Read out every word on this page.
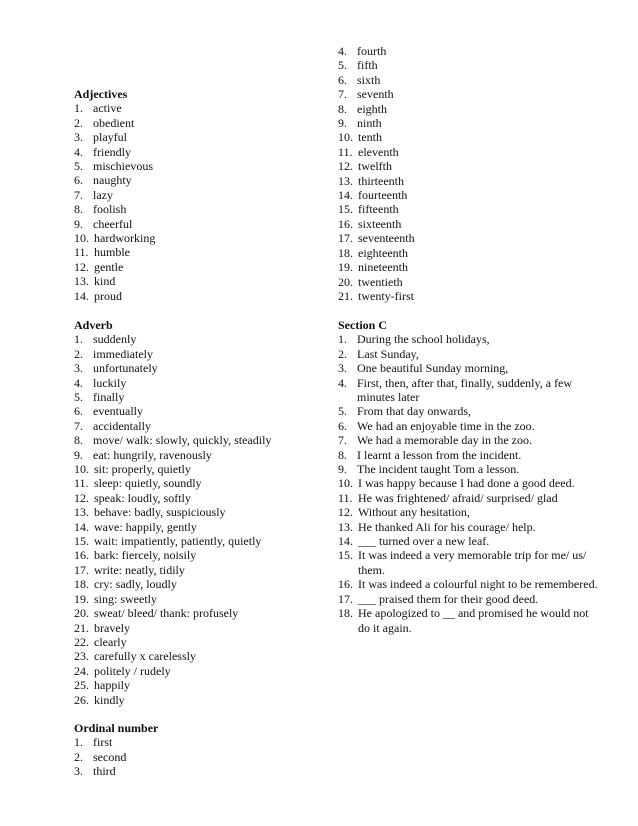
Adjectives
1. active
2. obedient
3. playful
4. friendly
5. mischievous
6. naughty
7. lazy
8. foolish
9. cheerful
10. hardworking
11. humble
12. gentle
13. kind
14. proud
Adverb
1. suddenly
2. immediately
3. unfortunately
4. luckily
5. finally
6. eventually
7. accidentally
8. move/ walk: slowly, quickly, steadily
9. eat: hungrily, ravenously
10. sit: properly, quietly
11. sleep: quietly, soundly
12. speak: loudly, softly
13. behave: badly, suspiciously
14. wave: happily, gently
15. wait: impatiently, patiently, quietly
16. bark: fiercely, noisily
17. write: neatly, tidily
18. cry: sadly, loudly
19. sing: sweetly
20. sweat/ bleed/ thank: profusely
21. bravely
22. clearly
23. carefully x carelessly
24. politely / rudely
25. happily
26. kindly
Ordinal number
1. first
2. second
3. third
4. fourth
5. fifth
6. sixth
7. seventh
8. eighth
9. ninth
10. tenth
11. eleventh
12. twelfth
13. thirteenth
14. fourteenth
15. fifteenth
16. sixteenth
17. seventeenth
18. eighteenth
19. nineteenth
20. twentieth
21. twenty-first
Section C
1. During the school holidays,
2. Last Sunday,
3. One beautiful Sunday morning,
4. First, then, after that, finally, suddenly, a few minutes later
5. From that day onwards,
6. We had an enjoyable time in the zoo.
7. We had a memorable day in the zoo.
8. I learnt a lesson from the incident.
9. The incident taught Tom a lesson.
10. I was happy because I had done a good deed.
11. He was frightened/ afraid/ surprised/ glad
12. Without any hesitation,
13. He thanked Ali for his courage/ help.
14. ___ turned over a new leaf.
15. It was indeed a very memorable trip for me/ us/ them.
16. It was indeed a colourful night to be remembered.
17. ___ praised them for their good deed.
18. He apologized to __ and promised he would not do it again.
